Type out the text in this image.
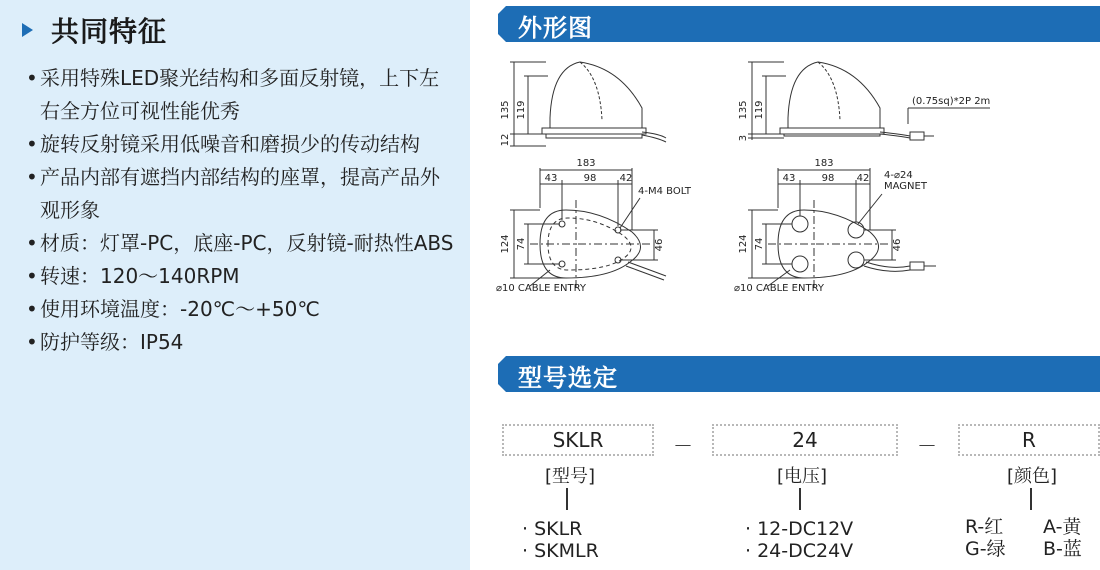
共同特征
• 采用特殊LED聚光结构和多面反射镜，上下左右全方位可视性能优秀
• 旋转反射镜采用低噪音和磨损少的传动结构
• 产品内部有遮挡内部结构的座罩，提高产品外观形象
• 材质：灯罩-PC，底座-PC，反射镜-耐热性ABS
• 转速：120～140RPM
• 使用环境温度：-20℃～+50℃
• 防护等级：IP54
外形图
135 119
12
183
43	98 42
4-M4 BOLT
124 74	46
⌀10 CABLE ENTRY
135 119
3
(0.75sq)*2P 2m
183
43	98 42 4-⌀24
MAGNET
124 74	46
⌀10 CABLE ENTRY
型号选定
SKLR	－	24	－	R
[型号]	[电压]	[颜色]
· SKLR
· SKMLR
· 12-DC12V
· 24-DC24V
R-红 A-黄
G-绿 B-蓝
